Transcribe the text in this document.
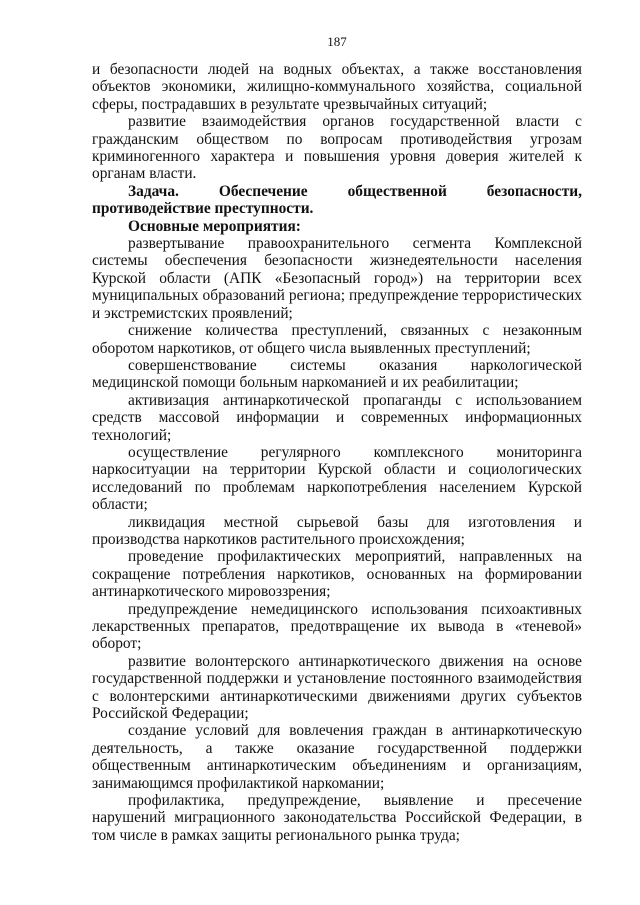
187

и безопасности людей на водных объектах, а также восстановления объектов экономики, жилищно-коммунального хозяйства, социальной сферы, пострадавших в результате чрезвычайных ситуаций;

развитие взаимодействия органов государственной власти с гражданским обществом по вопросам противодействия угрозам криминогенного характера и повышения уровня доверия жителей к органам власти.

Задача. Обеспечение общественной безопасности, противодействие преступности.

Основные мероприятия:

развертывание правоохранительного сегмента Комплексной системы обеспечения безопасности жизнедеятельности населения Курской области (АПК «Безопасный город») на территории всех муниципальных образований региона; предупреждение террористических и экстремистских проявлений;

снижение количества преступлений, связанных с незаконным оборотом наркотиков, от общего числа выявленных преступлений;

совершенствование системы оказания наркологической медицинской помощи больным наркоманией и их реабилитации;

активизация антинаркотической пропаганды с использованием средств массовой информации и современных информационных технологий;

осуществление регулярного комплексного мониторинга наркоситуации на территории Курской области и социологических исследований по проблемам наркопотребления населением Курской области;

ликвидация местной сырьевой базы для изготовления и производства наркотиков растительного происхождения;

проведение профилактических мероприятий, направленных на сокращение потребления наркотиков, основанных на формировании антинаркотического мировоззрения;

предупреждение немедицинского использования психоактивных лекарственных препаратов, предотвращение их вывода в «теневой» оборот;

развитие волонтерского антинаркотического движения на основе государственной поддержки и установление постоянного взаимодействия с волонтерскими антинаркотическими движениями других субъектов Российской Федерации;

создание условий для вовлечения граждан в антинаркотическую деятельность, а также оказание государственной поддержки общественным антинаркотическим объединениям и организациям, занимающимся профилактикой наркомании;

профилактика, предупреждение, выявление и пресечение нарушений миграционного законодательства Российской Федерации, в том числе в рамках защиты регионального рынка труда;
